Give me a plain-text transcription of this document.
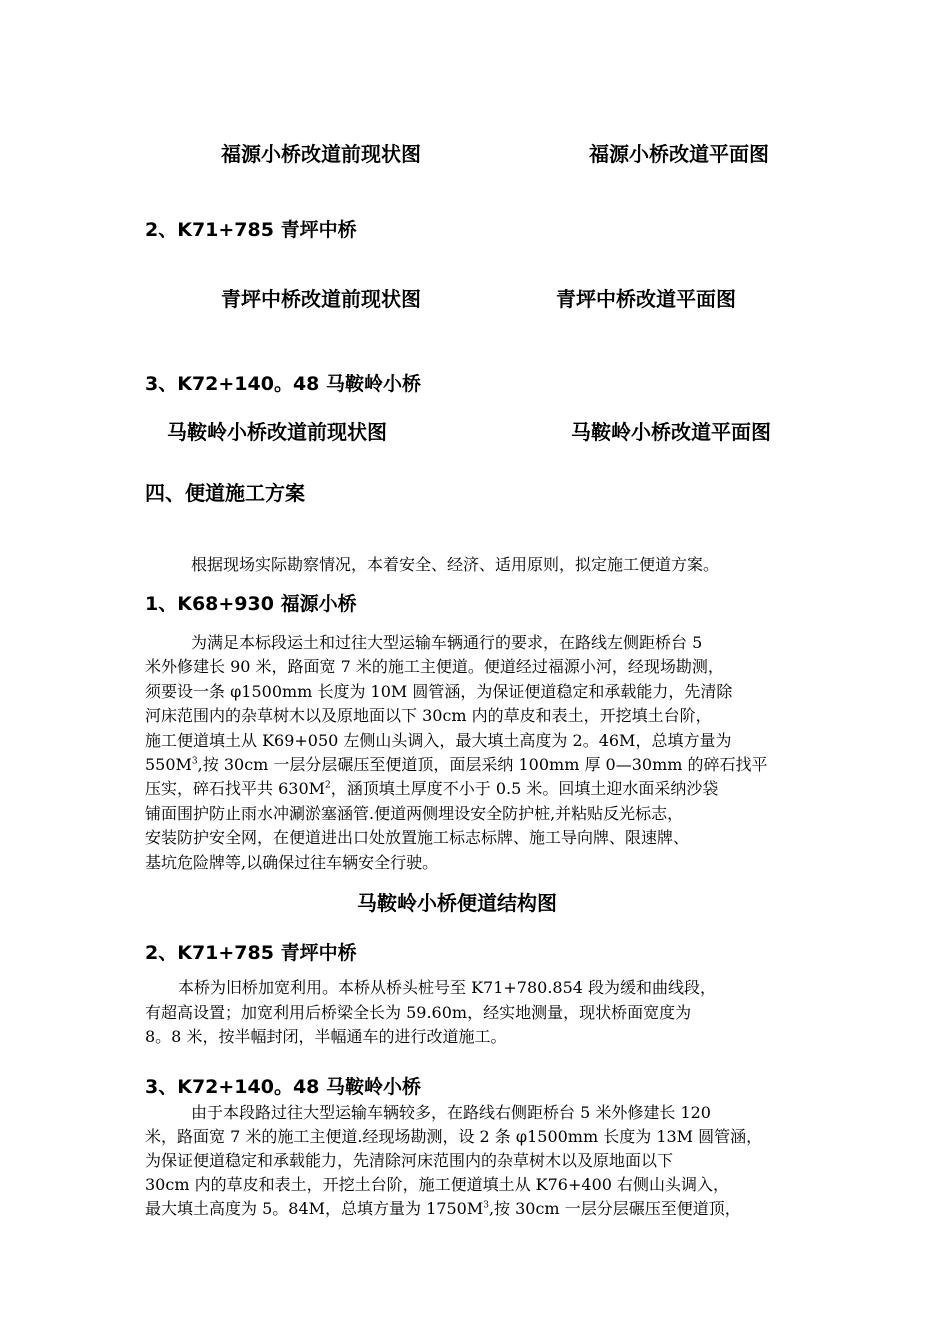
福源小桥改道前现状图	福源小桥改道平面图
2、K71+785 青坪中桥
青坪中桥改道前现状图	青坪中桥改道平面图
3、K72+140。48 马鞍岭小桥
马鞍岭小桥改道前现状图	马鞍岭小桥改道平面图
四、便道施工方案
根据现场实际勘察情况，本着安全、经济、适用原则，拟定施工便道方案。
1、K68+930 福源小桥
为满足本标段运土和过往大型运输车辆通行的要求，在路线左侧距桥台 5
米外修建长 90 米，路面宽 7 米的施工主便道。便道经过福源小河，经现场勘测，
须要设一条 φ1500mm 长度为 10M 圆管涵，为保证便道稳定和承载能力，先清除
河床范围内的杂草树木以及原地面以下 30cm 内的草皮和表土，开挖填土台阶，
施工便道填土从 K69+050 左侧山头调入，最大填土高度为 2。46M，总填方量为
$550M^3$,按 30cm 一层分层碾压至便道顶，面层采纳 100mm 厚 0—30mm 的碎石找平
压实，碎石找平共 $630M^2$，涵顶填土厚度不小于 0.5 米。回填土迎水面采纳沙袋
铺面围护防止雨水冲涮淤塞涵管.便道两侧埋设安全防护桩,并粘贴反光标志，
安装防护安全网，在便道进出口处放置施工标志标牌、施工导向牌、限速牌、
基坑危险牌等,以确保过往车辆安全行驶。
马鞍岭小桥便道结构图
2、K71+785 青坪中桥
本桥为旧桥加宽利用。本桥从桥头桩号至 K71+780.854 段为缓和曲线段，
有超高设置；加宽利用后桥梁全长为 59.60m，经实地测量，现状桥面宽度为
8。8 米，按半幅封闭，半幅通车的进行改道施工。
3、K72+140。48 马鞍岭小桥
由于本段路过往大型运输车辆较多，在路线右侧距桥台 5 米外修建长 120
米，路面宽 7 米的施工主便道.经现场勘测，设 2 条 φ1500mm 长度为 13M 圆管涵，
为保证便道稳定和承载能力，先清除河床范围内的杂草树木以及原地面以下
30cm 内的草皮和表土，开挖土台阶，施工便道填土从 K76+400 右侧山头调入，
最大填土高度为 5。84M，总填方量为 $1750M^3$,按 30cm 一层分层碾压至便道顶，
